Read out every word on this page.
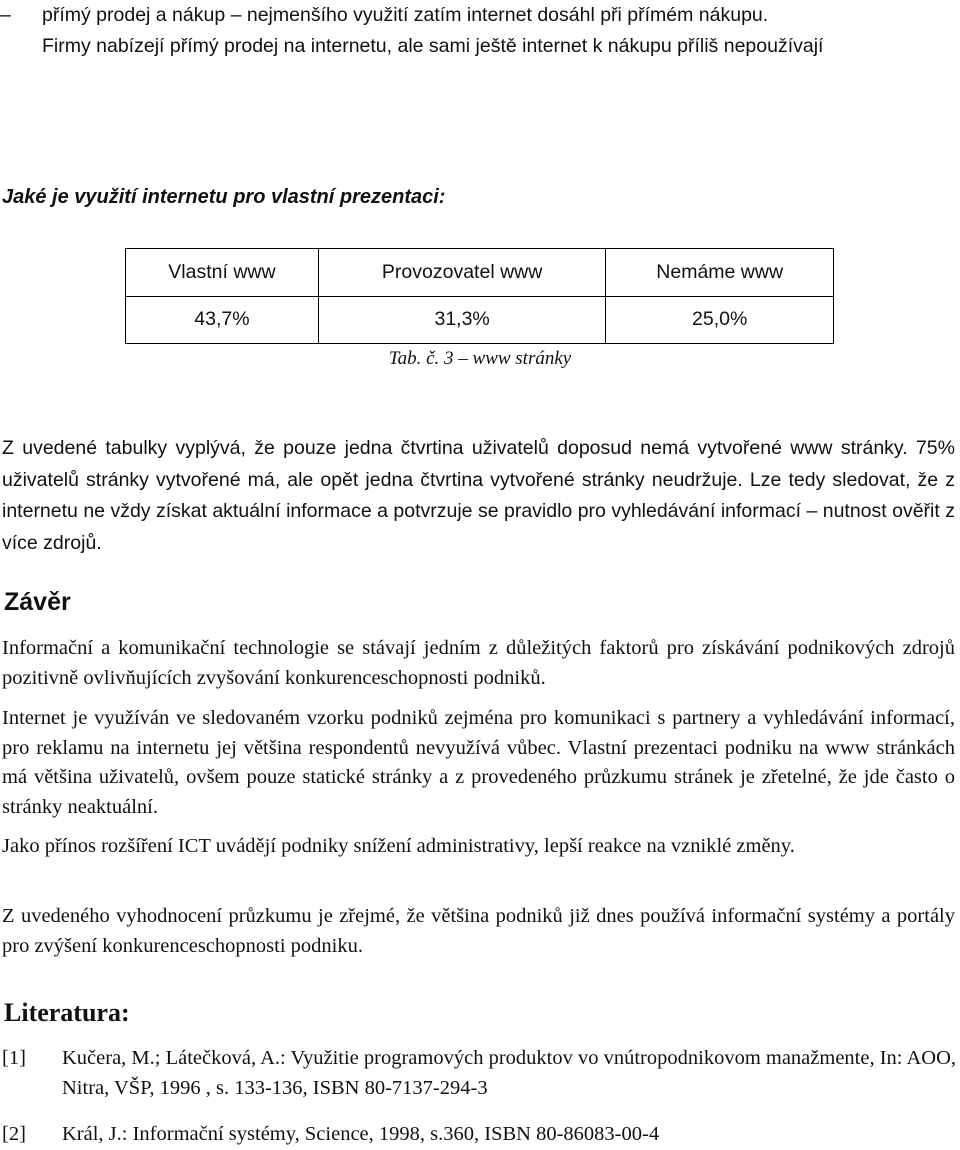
– přímý prodej a nákup – nejmenšího využití zatím internet dosáhl při přímém nákupu.
Firmy nabízejí přímý prodej na internetu, ale sami ještě internet k nákupu příliš nepoužívají
Jaké je využití internetu pro vlastní prezentaci:
Vlastní www	Provozovatel www	Nemáme www
43,7%	31,3%	25,0%
Tab. č. 3 – www stránky
Z uvedené tabulky vyplývá, že pouze jedna čtvrtina uživatelů doposud nemá vytvořené www stránky. 75% uživatelů stránky vytvořené má, ale opět jedna čtvrtina vytvořené stránky neudržuje. Lze tedy sledovat, že z internetu ne vždy získat aktuální informace a potvrzuje se pravidlo pro vyhledávání informací – nutnost ověřit z více zdrojů.
Závěr
Informační a komunikační technologie se stávají jedním z důležitých faktorů pro získávání podnikových zdrojů pozitivně ovlivňujících zvyšování konkurenceschopnosti podniků.
Internet je využíván ve sledovaném vzorku podniků zejména pro komunikaci s partnery a vyhledávání informací, pro reklamu na internetu jej většina respondentů nevyužívá vůbec. Vlastní prezentaci podniku na www stránkách má většina uživatelů, ovšem pouze statické stránky a z provedeného průzkumu stránek je zřetelné, že jde často o stránky neaktuální.
Jako přínos rozšíření ICT uvádějí podniky snížení administrativy, lepší reakce na vzniklé změny.
Z uvedeného vyhodnocení průzkumu je zřejmé, že většina podniků již dnes používá informační systémy a portály pro zvýšení konkurenceschopnosti podniku.
Literatura:
[1] Kučera, M.; Látečková, A.: Využitie programových produktov vo vnútropodnikovom manažmente, In: AOO, Nitra, VŠP, 1996 , s. 133-136, ISBN 80-7137-294-3
[2] Král, J.: Informační systémy, Science, 1998, s.360, ISBN 80-86083-00-4
